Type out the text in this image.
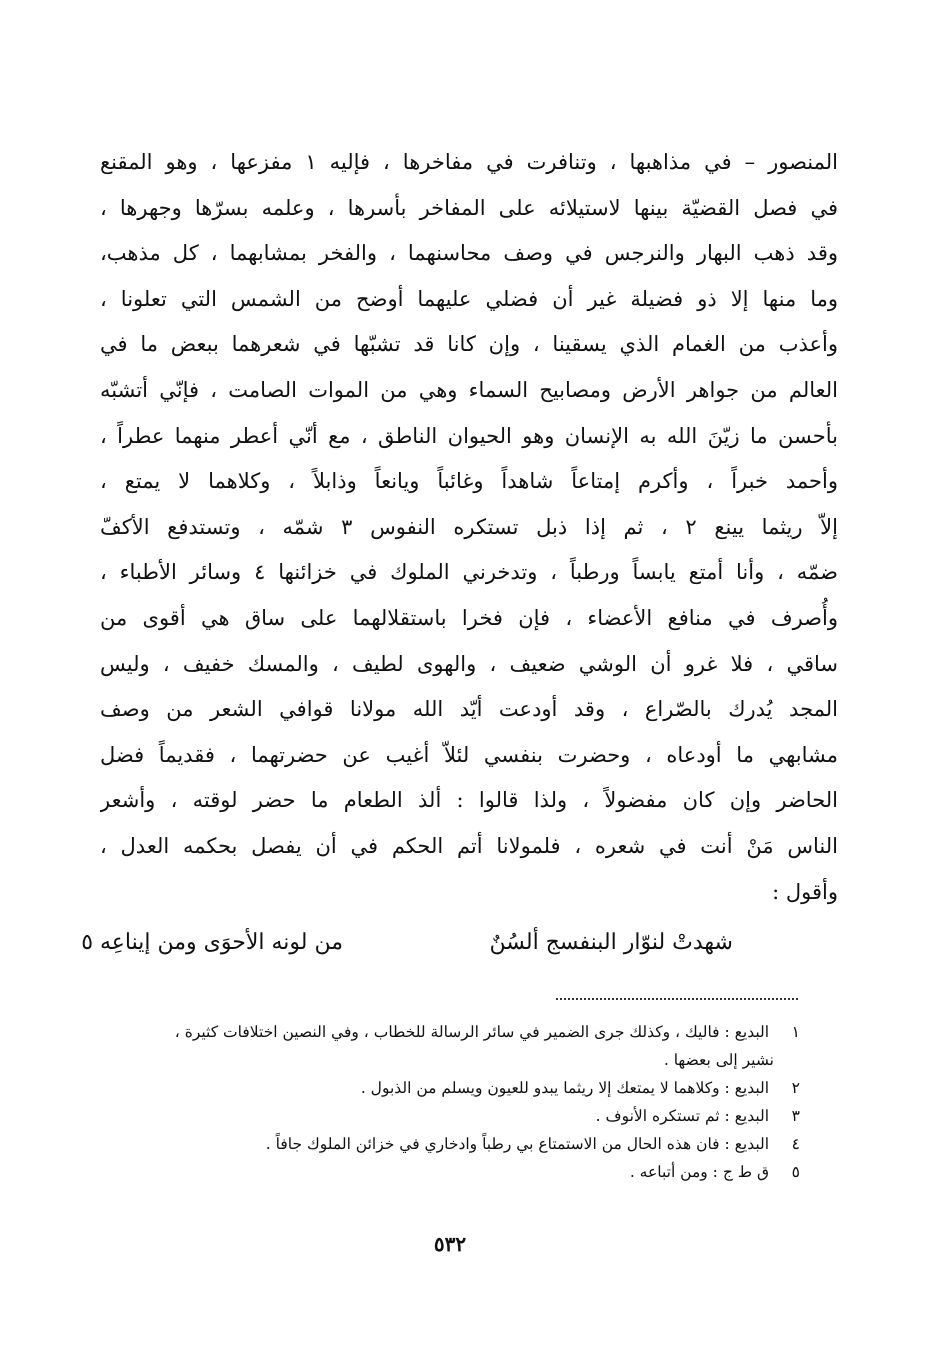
المنصور – في مذاهبها ، وتنافرت في مفاخرها ، فإليه ١ مفزعها ، وهو المقنع
في فصل القضيّة بينها لاستيلائه على المفاخر بأسرها ، وعلمه بسرّها وجهرها ،
وقد ذهب البهار والنرجس في وصف محاسنهما ، والفخر بمشابهما ، كل مذهب،
وما منها إلا ذو فضيلة غير أن فضلي عليهما أوضح من الشمس التي تعلونا ،
وأعذب من الغمام الذي يسقينا ، وإن كانا قد تشبّها في شعرهما ببعض ما في
العالم من جواهر الأرض ومصابيح السماء وهي من الموات الصامت ، فإنّي أتشبّه
بأحسن ما زيّنَ الله به الإنسان وهو الحيوان الناطق ، مع أنّي أعطر منهما عطراً ،
وأحمد خبراً ، وأكرم إمتاعاً شاهداً وغائباً ويانعاً وذابلاً ، وكلاهما لا يمتع ،
إلاّ ريثما يينع ٢ ، ثم إذا ذبل تستكره النفوس ٣ شمّه ، وتستدفع الأكفّ
ضمّه ، وأنا أمتع يابساً ورطباً ، وتدخرني الملوك في خزائنها ٤ وسائر الأطباء ،
وأُصرف في منافع الأعضاء ، فإن فخرا باستقلالهما على ساق هي أقوى من
ساقي ، فلا غرو أن الوشي ضعيف ، والهوى لطيف ، والمسك خفيف ، وليس
المجد يُدرك بالصّراع ، وقد أودعت أيّد الله مولانا قوافي الشعر من وصف
مشابهي ما أودعاه ، وحضرت بنفسي لئلاّ أغيب عن حضرتهما ، فقديماً فضل
الحاضر وإن كان مفضولاً ، ولذا قالوا : ألذ الطعام ما حضر لوقته ، وأشعر
الناس مَنْ أنت في شعره ، فلمولانا أتم الحكم في أن يفصل بحكمه العدل ،
وأقول :
شهدتْ لنوّار البنفسج ألسُنٌ
من لونه الأحوَى ومن إيناعِه ٥
١ البديع : فاليك ، وكذلك جرى الضمير في سائر الرسالة للخطاب ، وفي النصين اختلافات كثيرة ،
نشير إلى بعضها .
٢ البديع : وكلاهما لا يمتعك إلا ريثما يبدو للعيون ويسلم من الذبول .
٣ البديع : ثم تستكره الأنوف .
٤ البديع : فان هذه الحال من الاستمتاع بي رطباً وادخاري في خزائن الملوك جافاً .
٥ ق ط ج : ومن أتباعه .
٥٣٢
